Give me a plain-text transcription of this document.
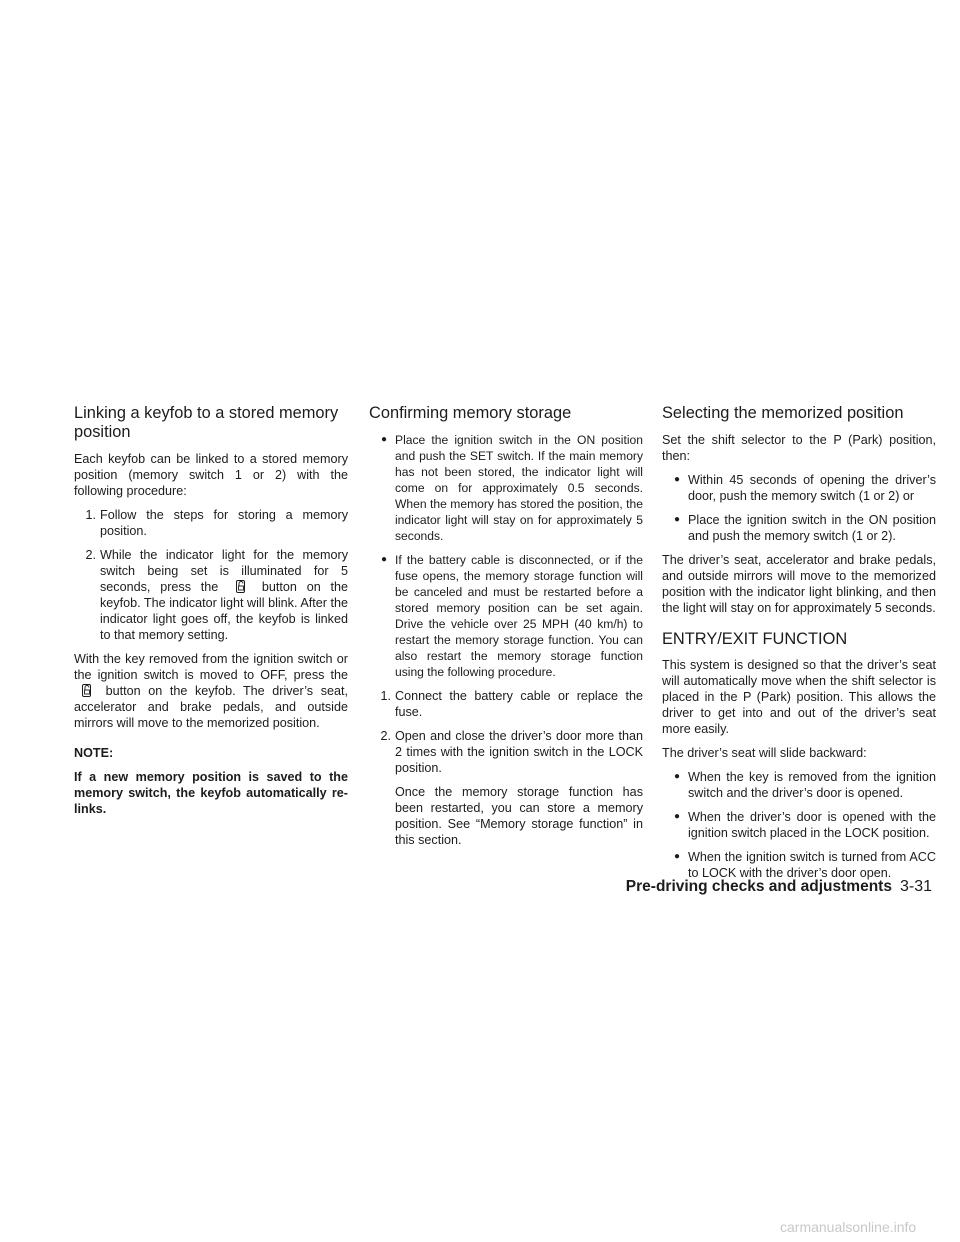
Linking a keyfob to a stored memory position

Each keyfob can be linked to a stored memory position (memory switch 1 or 2) with the following procedure:

1. Follow the steps for storing a memory position.
2. While the indicator light for the memory switch being set is illuminated for 5 seconds, press the	button on the keyfob. The indicator light will blink. After the indicator light goes off, the keyfob is linked to that memory setting.

With the key removed from the ignition switch or the ignition switch is moved to OFF, press the  button on the keyfob. The driver’s seat, accelerator and brake pedals, and outside mirrors will move to the memorized position.

NOTE:

If a new memory position is saved to the memory switch, the keyfob automatically re-links.

Confirming memory storage
● Place the ignition switch in the ON position and push the SET switch. If the main memory has not been stored, the indicator light will come on for approximately 0.5 seconds. When the memory has stored the position, the indicator light will stay on for approximately 5 seconds.
● If the battery cable is disconnected, or if the fuse opens, the memory storage function will be canceled and must be restarted before a stored memory position can be set again. Drive the vehicle over 25 MPH (40 km/h) to restart the memory storage function. You can also restart the memory storage function using the following procedure.
1. Connect the battery cable or replace the fuse.
2. Open and close the driver’s door more than 2 times with the ignition switch in the LOCK position.

Once the memory storage function has been restarted, you can store a memory position. See “Memory storage function” in this section.

Selecting the memorized position

Set the shift selector to the P (Park) position, then:

● Within 45 seconds of opening the driver’s door, push the memory switch (1 or 2) or
● Place the ignition switch in the ON position and push the memory switch (1 or 2).

The driver’s seat, accelerator and brake pedals, and outside mirrors will move to the memorized position with the indicator light blinking, and then the light will stay on for approximately 5 seconds.

ENTRY/EXIT FUNCTION

This system is designed so that the driver’s seat will automatically move when the shift selector is placed in the P (Park) position. This allows the driver to get into and out of the driver’s seat more easily.

The driver’s seat will slide backward:

● When the key is removed from the ignition switch and the driver’s door is opened.
● When the driver’s door is opened with the ignition switch placed in the LOCK position.
● When the ignition switch is turned from ACC to LOCK with the driver’s door open.
Pre-driving checks and adjustments 3-31
carmanualsonline.info
